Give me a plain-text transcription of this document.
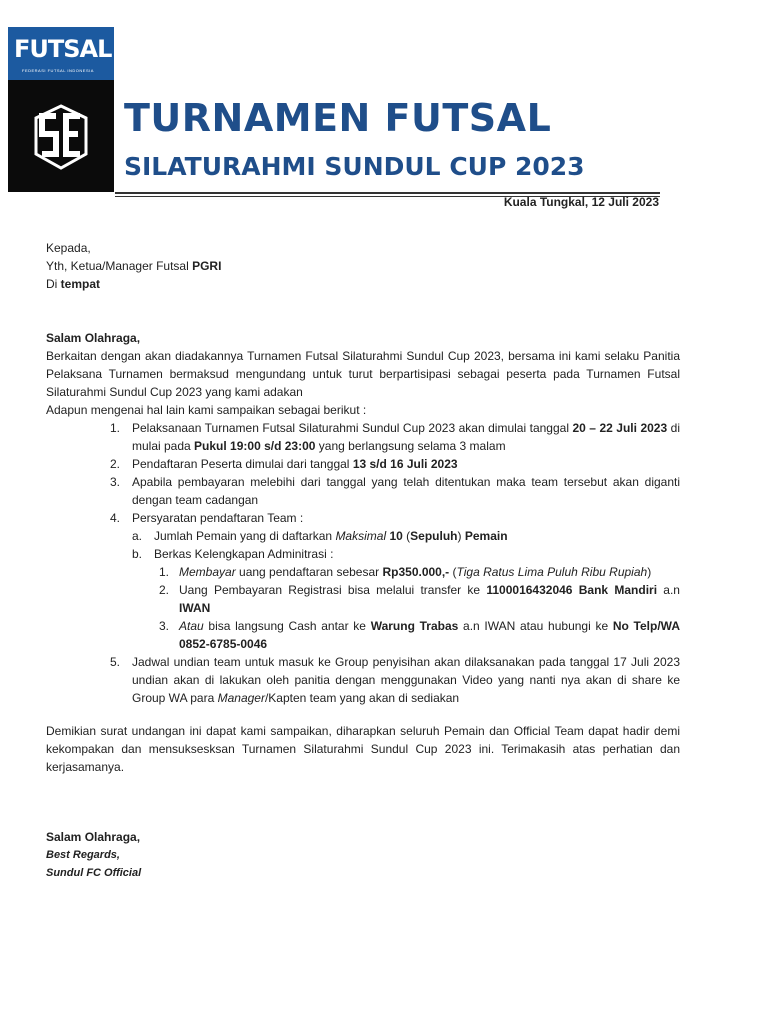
FUTSAL
FEDERASI FUTSAL INDONESIA
TURNAMEN FUTSAL
SILATURAHMI SUNDUL CUP 2023
Kuala Tungkal, 12 Juli 2023
Kepada,
Yth, Ketua/Manager Futsal PGRI
Di tempat
Salam Olahraga,
Berkaitan dengan akan diadakannya Turnamen Futsal Silaturahmi Sundul Cup 2023, bersama ini kami selaku Panitia Pelaksana Turnamen bermaksud mengundang untuk turut berpartisipasi sebagai peserta pada Turnamen Futsal Silaturahmi Sundul Cup 2023 yang kami adakan
Adapun mengenai hal lain kami sampaikan sebagai berikut :
1. Pelaksanaan Turnamen Futsal Silaturahmi Sundul Cup 2023 akan dimulai tanggal 20 – 22 Juli 2023 di mulai pada Pukul 19:00 s/d 23:00 yang berlangsung selama 3 malam
2. Pendaftaran Peserta dimulai dari tanggal 13 s/d 16 Juli 2023
3. Apabila pembayaran melebihi dari tanggal yang telah ditentukan maka team tersebut akan diganti dengan team cadangan
4. Persyaratan pendaftaran Team :
a. Jumlah Pemain yang di daftarkan Maksimal 10 (Sepuluh) Pemain
b. Berkas Kelengkapan Adminitrasi :
1. Membayar uang pendaftaran sebesar Rp350.000,- (Tiga Ratus Lima Puluh Ribu Rupiah)
2. Uang Pembayaran Registrasi bisa melalui transfer ke 1100016432046 Bank Mandiri a.n IWAN
3. Atau bisa langsung Cash antar ke Warung Trabas a.n IWAN atau hubungi ke No Telp/WA 0852-6785-0046
5. Jadwal undian team untuk masuk ke Group penyisihan akan dilaksanakan pada tanggal 17 Juli 2023 undian akan di lakukan oleh panitia dengan menggunakan Video yang nanti nya akan di share ke Group WA para Manager/Kapten team yang akan di sediakan
Demikian surat undangan ini dapat kami sampaikan, diharapkan seluruh Pemain dan Official Team dapat hadir demi kekompakan dan mensuksesksan Turnamen Silaturahmi Sundul Cup 2023 ini. Terimakasih atas perhatian dan kerjasamanya.
Salam Olahraga,
Best Regards,
Sundul FC Official
